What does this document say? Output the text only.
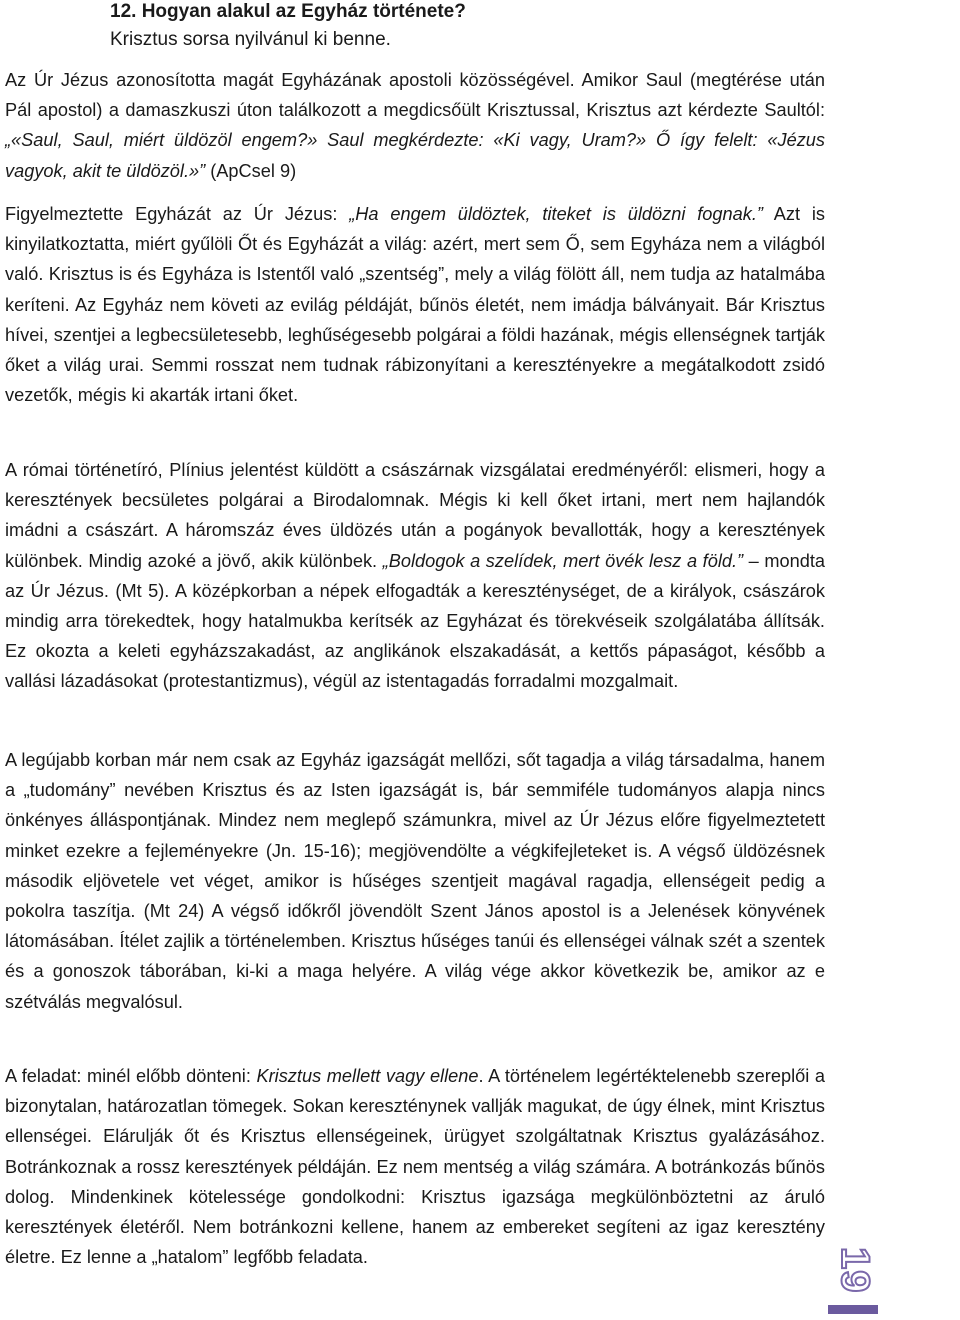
12. Hogyan alakul az Egyház története?
Krisztus sorsa nyilvánul ki benne.

Az Úr Jézus azonosította magát Egyházának apostoli közösségével. Amikor Saul (megtérése után Pál apostol) a damaszkuszi úton találkozott a megdicsőült Krisztussal, Krisztus azt kérdezte Saultól: „«Saul, Saul, miért üldözöl engem?» Saul megkérdezte: «Ki vagy, Uram?» Ő így felelt: «Jézus vagyok, akit te üldözöl.»” (ApCsel 9)

Figyelmeztette Egyházát az Úr Jézus: „Ha engem üldöztek, titeket is üldözni fognak.” Azt is kinyilatkoztatta, miért gyűlöli Őt és Egyházát a világ: azért, mert sem Ő, sem Egyháza nem a világból való. Krisztus is és Egyháza is Istentől való „szentség”, mely a világ fölött áll, nem tudja az hatalmába keríteni. Az Egyház nem követi az evilág példáját, bűnös életét, nem imádja bálványait. Bár Krisztus hívei, szentjei a legbecsületesebb, leghűségesebb polgárai a földi hazának, mégis ellenségnek tartják őket a világ urai. Semmi rosszat nem tudnak rábizonyítani a keresztényekre a megátalkodott zsidó vezetők, mégis ki akarták irtani őket.

A római történetíró, Plínius jelentést küldött a császárnak vizsgálatai eredményéről: elismeri, hogy a keresztények becsületes polgárai a Birodalomnak. Mégis ki kell őket irtani, mert nem hajlandók imádni a császárt. A háromszáz éves üldözés után a pogányok bevallották, hogy a keresztények különbek. Mindig azoké a jövő, akik különbek. „Boldogok a szelídek, mert övék lesz a föld.” – mondta az Úr Jézus. (Mt 5). A középkorban a népek elfogadták a kereszténységet, de a királyok, császárok mindig arra törekedtek, hogy hatalmukba kerítsék az Egyházat és törekvéseik szolgálatába állítsák. Ez okozta a keleti egyházszakadást, az anglikánok elszakadását, a kettős pápaságot, később a vallási lázadásokat (protestantizmus), végül az istentagadás forradalmi mozgalmait.

A legújabb korban már nem csak az Egyház igazságát mellőzi, sőt tagadja a világ társadalma, hanem a „tudomány” nevében Krisztus és az Isten igazságát is, bár semmiféle tudományos alapja nincs önkényes álláspontjának. Mindez nem meglepő számunkra, mivel az Úr Jézus előre figyelmeztetett minket ezekre a fejleményekre (Jn. 15-16); megjövendölte a végkifejleteket is. A végső üldözésnek második eljövetele vet véget, amikor is hűséges szentjeit magával ragadja, ellenségeit pedig a pokolra taszítja. (Mt 24) A végső időkről jövendölt Szent János apostol is a Jelenések könyvének látomásában. Ítélet zajlik a történelemben. Krisztus hűséges tanúi és ellenségei válnak szét a szentek és a gonoszok táborában, ki-ki a maga helyére. A világ vége akkor következik be, amikor az e szétválás megvalósul.

A feladat: minél előbb dönteni: Krisztus mellett vagy ellene. A történelem legértéktelenebb szereplői a bizonytalan, határozatlan tömegek. Sokan kereszténynek vallják magukat, de úgy élnek, mint Krisztus ellenségei. Elárulják őt és Krisztus ellenségeinek, ürügyet szolgáltatnak Krisztus gyalázásához. Botránkoznak a rossz keresztények példáján. Ez nem mentség a világ számára. A botránkozás bűnös dolog. Mindenkinek kötelessége gondolkodni: Krisztus igazsága megkülönböztetni az áruló keresztények életéről. Nem botránkozni kellene, hanem az embereket segíteni az igaz keresztény életre. Ez lenne a „hatalom” legfőbb feladata.	19
